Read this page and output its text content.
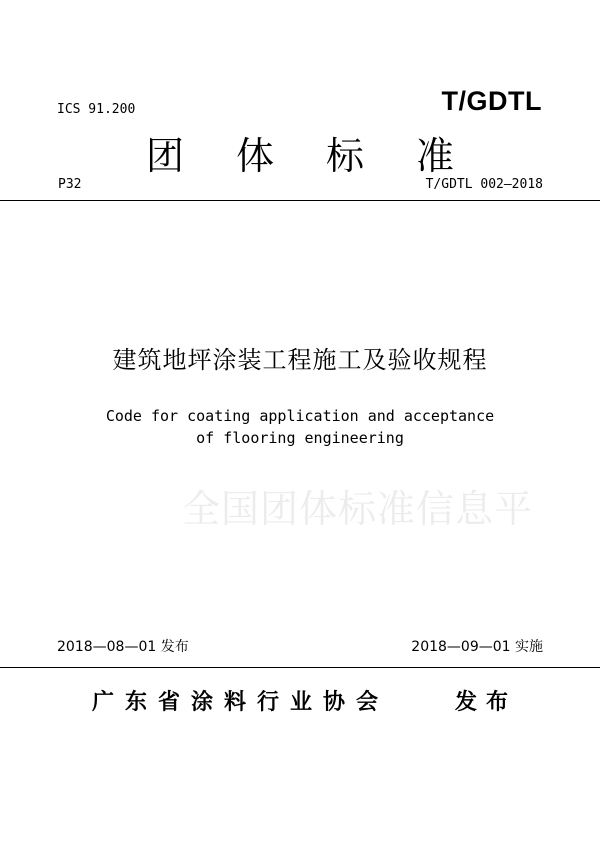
ICS 91.200	T/GDTL
团体标准
P32	T/GDTL 002—2018
建筑地坪涂装工程施工及验收规程
Code for coating application and acceptance
of flooring engineering
全国团体标准信息平
2018—08—01 发布	2018—09—01 实施
广东省涂料行业协会	发布
